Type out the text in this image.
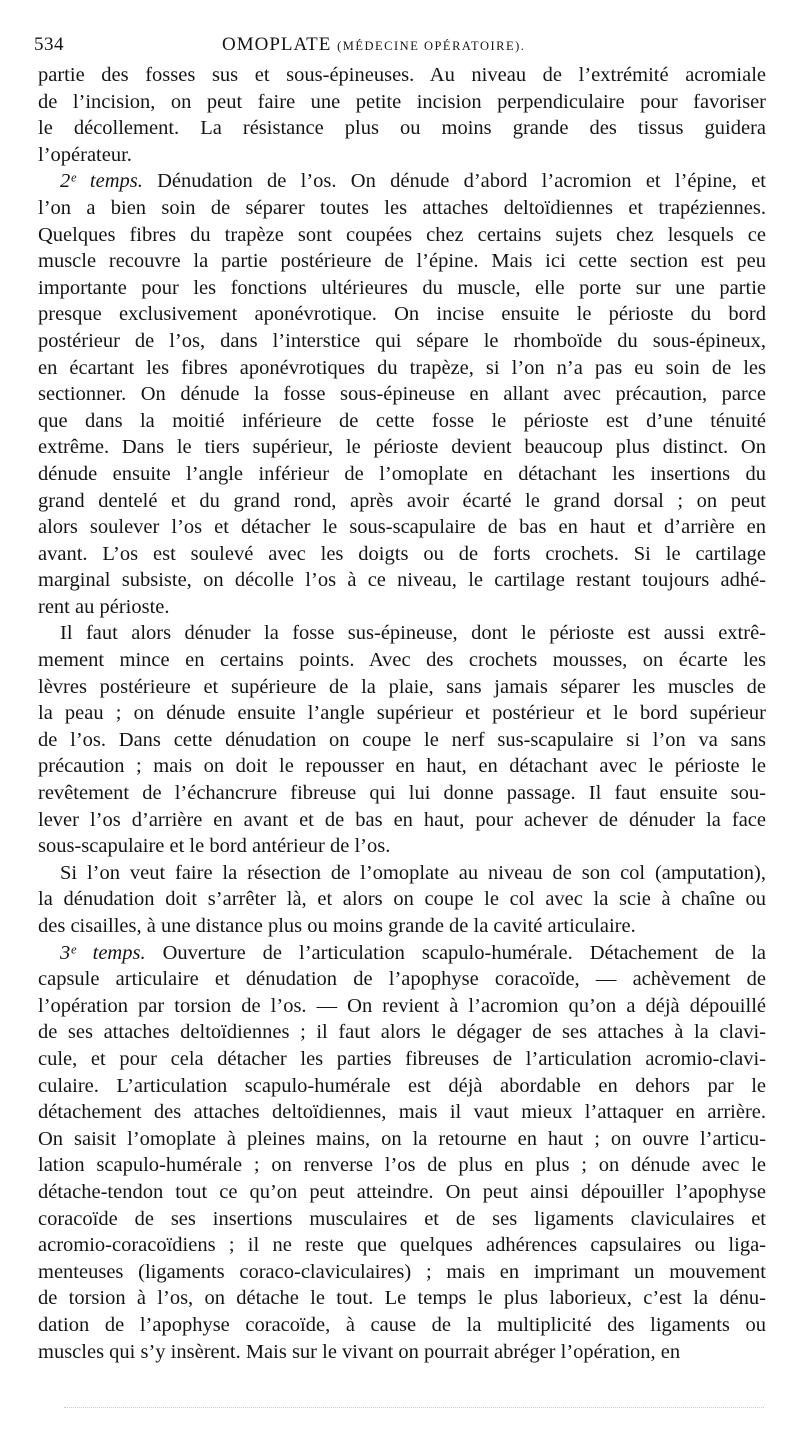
534	OMOPLATE (MÉDECINE OPÉRATOIRE).

partie des fosses sus et sous-épineuses. Au niveau de l’extrémité acromiale
de l’incision, on peut faire une petite incision perpendiculaire pour favoriser
le décollement. La résistance plus ou moins grande des tissus guidera
l’opérateur.

2ᵉ temps. Dénudation de l’os. On dénude d’abord l’acromion et l’épine, et
l’on a bien soin de séparer toutes les attaches deltoïdiennes et trapéziennes.
Quelques fibres du trapèze sont coupées chez certains sujets chez lesquels ce
muscle recouvre la partie postérieure de l’épine. Mais ici cette section est peu
importante pour les fonctions ultérieures du muscle, elle porte sur une partie
presque exclusivement aponévrotique. On incise ensuite le périoste du bord
postérieur de l’os, dans l’interstice qui sépare le rhomboïde du sous-épineux,
en écartant les fibres aponévrotiques du trapèze, si l’on n’a pas eu soin de les
sectionner. On dénude la fosse sous-épineuse en allant avec précaution, parce
que dans la moitié inférieure de cette fosse le périoste est d’une ténuité
extrême. Dans le tiers supérieur, le périoste devient beaucoup plus distinct. On
dénude ensuite l’angle inférieur de l’omoplate en détachant les insertions du
grand dentelé et du grand rond, après avoir écarté le grand dorsal ; on peut
alors soulever l’os et détacher le sous-scapulaire de bas en haut et d’arrière en
avant. L’os est soulevé avec les doigts ou de forts crochets. Si le cartilage
marginal subsiste, on décolle l’os à ce niveau, le cartilage restant toujours adhé-
rent au périoste.

Il faut alors dénuder la fosse sus-épineuse, dont le périoste est aussi extrê-
mement mince en certains points. Avec des crochets mousses, on écarte les
lèvres postérieure et supérieure de la plaie, sans jamais séparer les muscles de
la peau ; on dénude ensuite l’angle supérieur et postérieur et le bord supérieur
de l’os. Dans cette dénudation on coupe le nerf sus-scapulaire si l’on va sans
précaution ; mais on doit le repousser en haut, en détachant avec le périoste le
revêtement de l’échancrure fibreuse qui lui donne passage. Il faut ensuite sou-
lever l’os d’arrière en avant et de bas en haut, pour achever de dénuder la face
sous-scapulaire et le bord antérieur de l’os.

Si l’on veut faire la résection de l’omoplate au niveau de son col (amputation),
la dénudation doit s’arrêter là, et alors on coupe le col avec la scie à chaîne ou
des cisailles, à une distance plus ou moins grande de la cavité articulaire.

3ᵉ temps. Ouverture de l’articulation scapulo-humérale. Détachement de la
capsule articulaire et dénudation de l’apophyse coracoïde, — achèvement de
l’opération par torsion de l’os. — On revient à l’acromion qu’on a déjà dépouillé
de ses attaches deltoïdiennes ; il faut alors le dégager de ses attaches à la clavi-
cule, et pour cela détacher les parties fibreuses de l’articulation acromio-clavi-
culaire. L’articulation scapulo-humérale est déjà abordable en dehors par le
détachement des attaches deltoïdiennes, mais il vaut mieux l’attaquer en arrière.
On saisit l’omoplate à pleines mains, on la retourne en haut ; on ouvre l’articu-
lation scapulo-humérale ; on renverse l’os de plus en plus ; on dénude avec le
détache-tendon tout ce qu’on peut atteindre. On peut ainsi dépouiller l’apophyse
coracoïde de ses insertions musculaires et de ses ligaments claviculaires et
acromio-coracoïdiens ; il ne reste que quelques adhérences capsulaires ou liga-
menteuses (ligaments coraco-claviculaires) ; mais en imprimant un mouvement
de torsion à l’os, on détache le tout. Le temps le plus laborieux, c’est la dénu-
dation de l’apophyse coracoïde, à cause de la multiplicité des ligaments ou
muscles qui s’y insèrent. Mais sur le vivant on pourrait abréger l’opération, en
